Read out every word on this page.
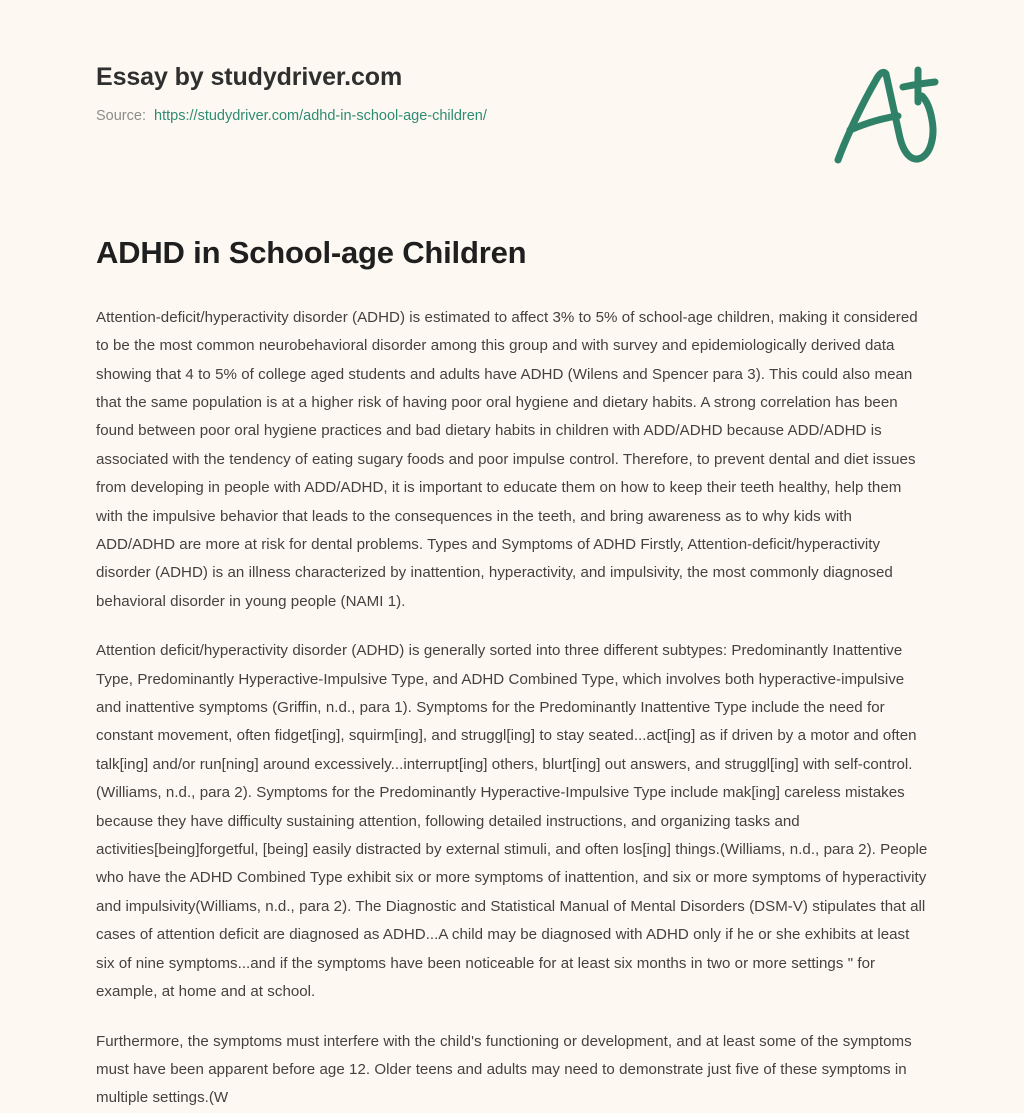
Essay by studydriver.com
Source: https://studydriver.com/adhd-in-school-age-children/
ADHD in School-age Children

Attention-deficit/hyperactivity disorder (ADHD) is estimated to affect 3% to 5% of school-age children, making it considered to be the most common neurobehavioral disorder among this group and with survey and epidemiologically derived data showing that 4 to 5% of college aged students and adults have ADHD (Wilens and Spencer para 3). This could also mean that the same population is at a higher risk of having poor oral hygiene and dietary habits. A strong correlation has been found between poor oral hygiene practices and bad dietary habits in children with ADD/ADHD because ADD/ADHD is associated with the tendency of eating sugary foods and poor impulse control. Therefore, to prevent dental and diet issues from developing in people with ADD/ADHD, it is important to educate them on how to keep their teeth healthy, help them with the impulsive behavior that leads to the consequences in the teeth, and bring awareness as to why kids with ADD/ADHD are more at risk for dental problems. Types and Symptoms of ADHD Firstly, Attention-deficit/hyperactivity disorder (ADHD) is an illness characterized by inattention, hyperactivity, and impulsivity, the most commonly diagnosed behavioral disorder in young people (NAMI 1).

Attention deficit/hyperactivity disorder (ADHD) is generally sorted into three different subtypes: Predominantly Inattentive Type, Predominantly Hyperactive-Impulsive Type, and ADHD Combined Type, which involves both hyperactive-impulsive and inattentive symptoms (Griffin, n.d., para 1). Symptoms for the Predominantly Inattentive Type include the need for constant movement, often fidget[ing], squirm[ing], and struggl[ing] to stay seated...act[ing] as if driven by a motor and often talk[ing] and/or run[ning] around excessively...interrupt[ing] others, blurt[ing] out answers, and struggl[ing] with self-control. (Williams, n.d., para 2). Symptoms for the Predominantly Hyperactive-Impulsive Type include mak[ing] careless mistakes because they have difficulty sustaining attention, following detailed instructions, and organizing tasks and activities[being]forgetful, [being] easily distracted by external stimuli, and often los[ing] things.(Williams, n.d., para 2). People who have the ADHD Combined Type exhibit six or more symptoms of inattention, and six or more symptoms of hyperactivity and impulsivity(Williams, n.d., para 2). The Diagnostic and Statistical Manual of Mental Disorders (DSM-V) stipulates that all cases of attention deficit are diagnosed as ADHD...A child may be diagnosed with ADHD only if he or she exhibits at least six of nine symptoms...and if the symptoms have been noticeable for at least six months in two or more settings " for example, at home and at school.

Furthermore, the symptoms must interfere with the child's functioning or development, and at least some of the symptoms must have been apparent before age 12. Older teens and adults may need to demonstrate just five of these symptoms in multiple settings.(W
